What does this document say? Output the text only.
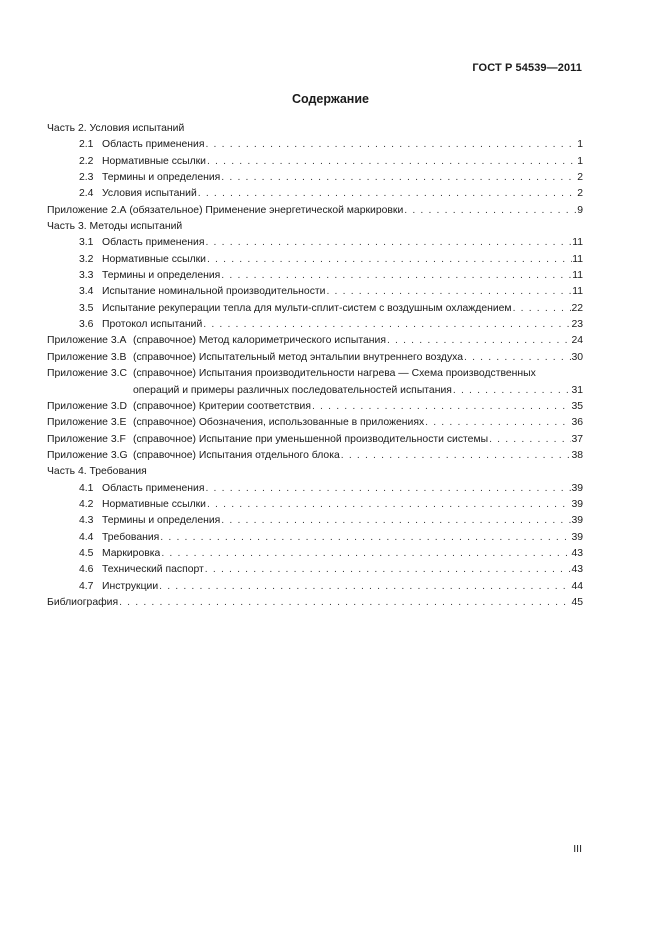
ГОСТ Р 54539—2011
Содержание
Часть 2. Условия испытаний
2.1 Область применения . . .	1
2.2 Нормативные ссылки . . .	1
2.3 Термины и определения . . .	2
2.4 Условия испытаний . . .	2
Приложение 2.А (обязательное) Применение энергетической маркировки . . .	9
Часть 3. Методы испытаний
3.1 Область применения . . .	11
3.2 Нормативные ссылки . . .	11
3.3 Термины и определения . . .	11
3.4 Испытание номинальной производительности . . .	11
3.5 Испытание рекуперации тепла для мульти-сплит-систем с воздушным охлаждением . . .	22
3.6 Протокол испытаний . . .	23
Приложение 3.А (справочное) Метод калориметрического испытания . . .	24
Приложение 3.В (справочное) Испытательный метод энтальпии внутреннего воздуха . . .	30
Приложение 3.С (справочное) Испытания производительности нагрева — Схема производственных
операций и примеры различных последовательностей испытания . . .	31
Приложение 3.D (справочное) Критерии соответствия . . .	35
Приложение 3.Е (справочное) Обозначения, использованные в приложениях . . .	36
Приложение 3.F (справочное) Испытание при уменьшенной производительности системы . . .	37
Приложение 3.G (справочное) Испытания отдельного блока . . .	38
Часть 4. Требования
4.1 Область применения . . .	39
4.2 Нормативные ссылки . . .	39
4.3 Термины и определения . . .	39
4.4 Требования . . .	39
4.5 Маркировка . . .	43
4.6 Технический паспорт . . .	43
4.7 Инструкции . . .	44
Библиография . . .	45
III
